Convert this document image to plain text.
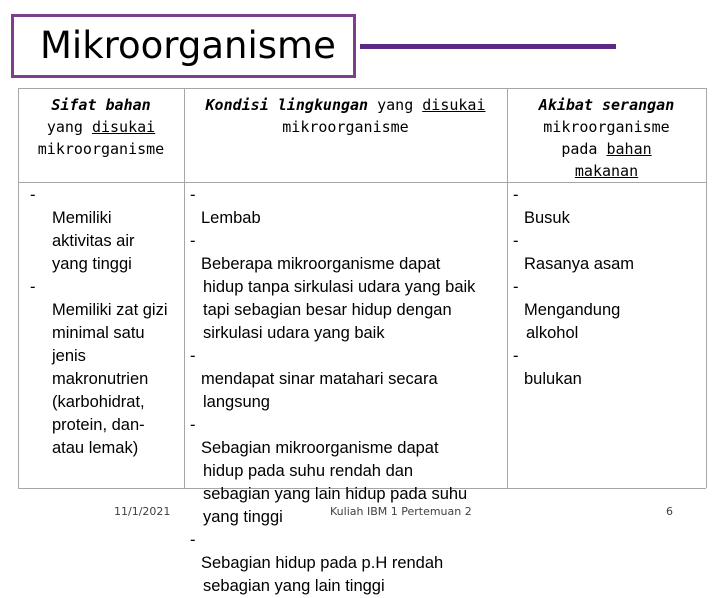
Mikroorganisme
Sifat bahan
yang disukai
mikroorganisme
Kondisi lingkungan yang disukai
mikroorganisme
Akibat serangan
mikroorganisme
pada bahan
makanan
-
Memiliki
aktivitas air
yang tinggi
-
Memiliki zat gizi
minimal satu
jenis
makronutrien
(karbohidrat,
protein, dan-
atau lemak)
-
Lembab
-
Beberapa mikroorganisme dapat
hidup tanpa sirkulasi udara yang baik
tapi sebagian besar hidup dengan
sirkulasi udara yang baik
-
mendapat sinar matahari secara
langsung
-
Sebagian mikroorganisme dapat
hidup pada suhu rendah dan
sebagian yang lain hidup pada suhu
yang tinggi
-
Sebagian hidup pada p.H rendah
sebagian yang lain tinggi
-
Busuk
-
Rasanya asam
-
Mengandung
alkohol
-
bulukan
11/1/2021	Kuliah IBM 1 Pertemuan 2	6
